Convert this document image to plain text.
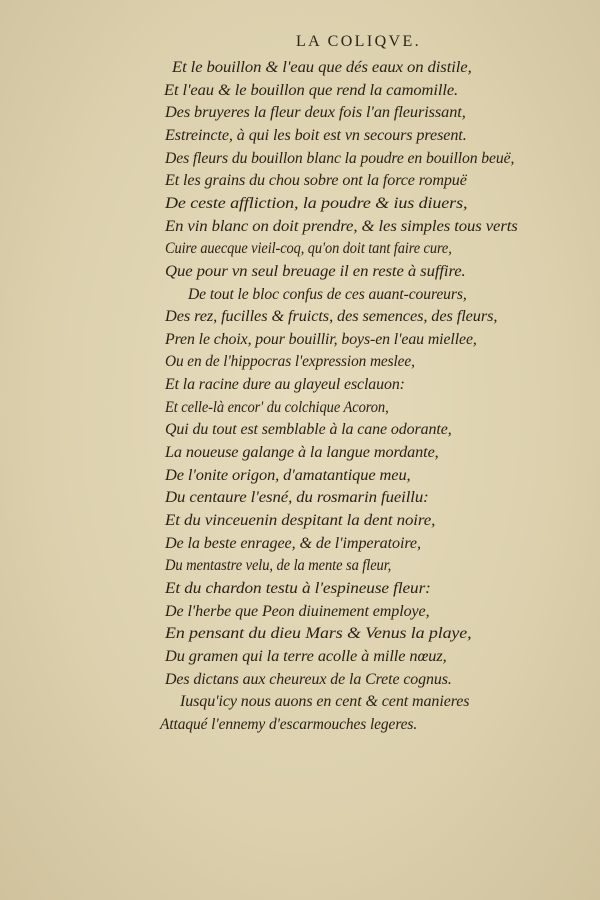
LA COLIQVE.
Et le bouillon & l'eau que dés eaux on distile,
Et l'eau & le bouillon que rend la camomille.
Des bruyeres la fleur deux fois l'an fleurissant,
Estreincte, à qui les boit est vn secours present.
Des fleurs du bouillon blanc la poudre en bouillon beuë,
Et les grains du chou sobre ont la force rompuë
De ceste affliction, la poudre & ius diuers,
En vin blanc on doit prendre, & les simples tous verts
Cuire auecque vieil-coq, qu'on doit tant faire cure,
Que pour vn seul breuage il en reste à suffire.
De tout le bloc confus de ces auant-coureurs,
Des rez, fucilles & fruicts, des semences, des fleurs,
Pren le choix, pour bouillir, boys-en l'eau miellee,
Ou en de l'hippocras l'expression meslee,
Et la racine dure au glayeul esclauon:
Et celle-là encor' du colchique Acoron,
Qui du tout est semblable à la cane odorante,
La noueuse galange à la langue mordante,
De l'onite origon, d'amatantique meu,
Du centaure l'esné, du rosmarin fueillu:
Et du vinceuenin despitant la dent noire,
De la beste enragee, & de l'imperatoire,
Du mentastre velu, de la mente sa fleur,
Et du chardon testu à l'espineuse fleur:
De l'herbe que Peon diuinement employe,
En pensant du dieu Mars & Venus la playe,
Du gramen qui la terre acolle à mille nœuz,
Des dictans aux cheureux de la Crete cognus.
Iusqu'icy nous auons en cent & cent manieres
Attaqué l'ennemy d'escarmouches legeres.
